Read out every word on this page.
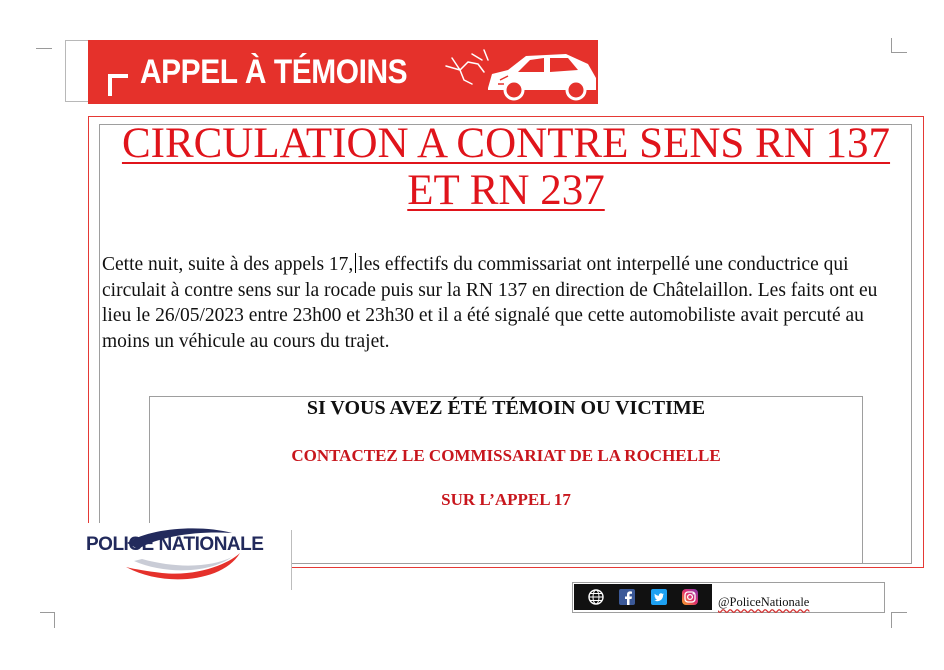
APPEL À TÉMOINS
CIRCULATION A CONTRE SENS RN 137
ET RN 237

Cette nuit, suite à des appels 17, les effectifs du commissariat ont interpellé une conductrice qui circulait à contre sens sur la rocade puis sur la RN 137 en direction de Châtelaillon. Les faits ont eu lieu le 26/05/2023 entre 23h00 et 23h30 et il a été signalé que cette automobiliste avait percuté au moins un véhicule au cours du trajet.

SI VOUS AVEZ ÉTÉ TÉMOIN OU VICTIME
CONTACTEZ LE COMMISSARIAT DE LA ROCHELLE
SUR L’APPEL 17
POLICE NATIONALE
@PoliceNationale
